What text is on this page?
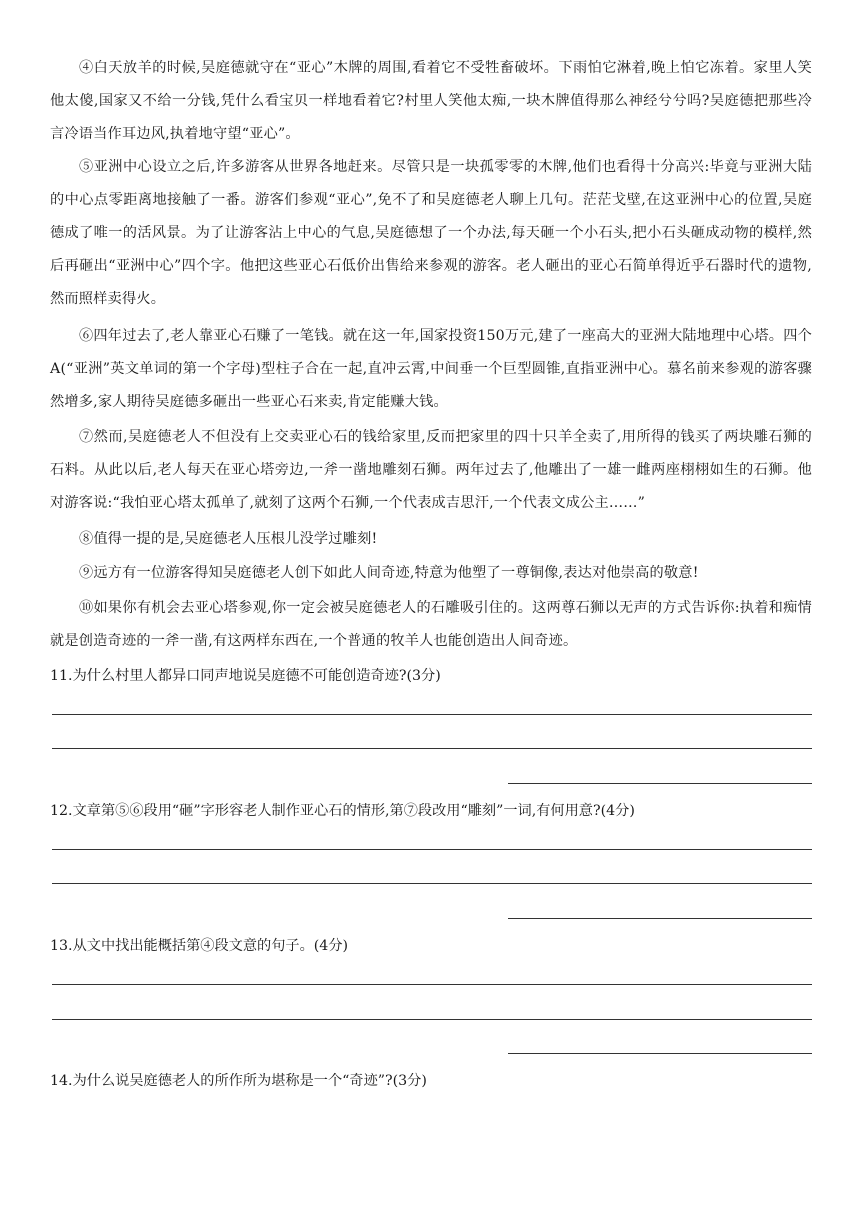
④白天放羊的时候,吴庭德就守在“亚心”木牌的周围,看着它不受牲畜破坏。下雨怕它淋着,晚上怕它冻着。家里人笑他太傻,国家又不给一分钱,凭什么看宝贝一样地看着它?村里人笑他太痴,一块木牌值得那么神经兮兮吗?吴庭德把那些冷言冷语当作耳边风,执着地守望“亚心”。

⑤亚洲中心设立之后,许多游客从世界各地赶来。尽管只是一块孤零零的木牌,他们也看得十分高兴:毕竟与亚洲大陆的中心点零距离地接触了一番。游客们参观“亚心”,免不了和吴庭德老人聊上几句。茫茫戈壁,在这亚洲中心的位置,吴庭德成了唯一的活风景。为了让游客沾上中心的气息,吴庭德想了一个办法,每天砸一个小石头,把小石头砸成动物的模样,然后再砸出“亚洲中心”四个字。他把这些亚心石低价出售给来参观的游客。老人砸出的亚心石简单得近乎石器时代的遗物,然而照样卖得火。

⑥四年过去了,老人靠亚心石赚了一笔钱。就在这一年,国家投资150万元,建了一座高大的亚洲大陆地理中心塔。四个A(“亚洲”英文单词的第一个字母)型柱子合在一起,直冲云霄,中间垂一个巨型圆锥,直指亚洲中心。慕名前来参观的游客骤然增多,家人期待吴庭德多砸出一些亚心石来卖,肯定能赚大钱。

⑦然而,吴庭德老人不但没有上交卖亚心石的钱给家里,反而把家里的四十只羊全卖了,用所得的钱买了两块雕石狮的石料。从此以后,老人每天在亚心塔旁边,一斧一凿地雕刻石狮。两年过去了,他雕出了一雄一雌两座栩栩如生的石狮。他对游客说:“我怕亚心塔太孤单了,就刻了这两个石狮,一个代表成吉思汗,一个代表文成公主……”

⑧值得一提的是,吴庭德老人压根儿没学过雕刻!

⑨远方有一位游客得知吴庭德老人创下如此人间奇迹,特意为他塑了一尊铜像,表达对他崇高的敬意!

⑩如果你有机会去亚心塔参观,你一定会被吴庭德老人的石雕吸引住的。这两尊石狮以无声的方式告诉你:执着和痴情就是创造奇迹的一斧一凿,有这两样东西在,一个普通的牧羊人也能创造出人间奇迹。

11.为什么村里人都异口同声地说吴庭德不可能创造奇迹?(3分)

12.文章第⑤⑥段用“砸”字形容老人制作亚心石的情形,第⑦段改用“雕刻”一词,有何用意?(4分)

13.从文中找出能概括第④段文意的句子。(4分)

14.为什么说吴庭德老人的所作所为堪称是一个“奇迹”?(3分)
